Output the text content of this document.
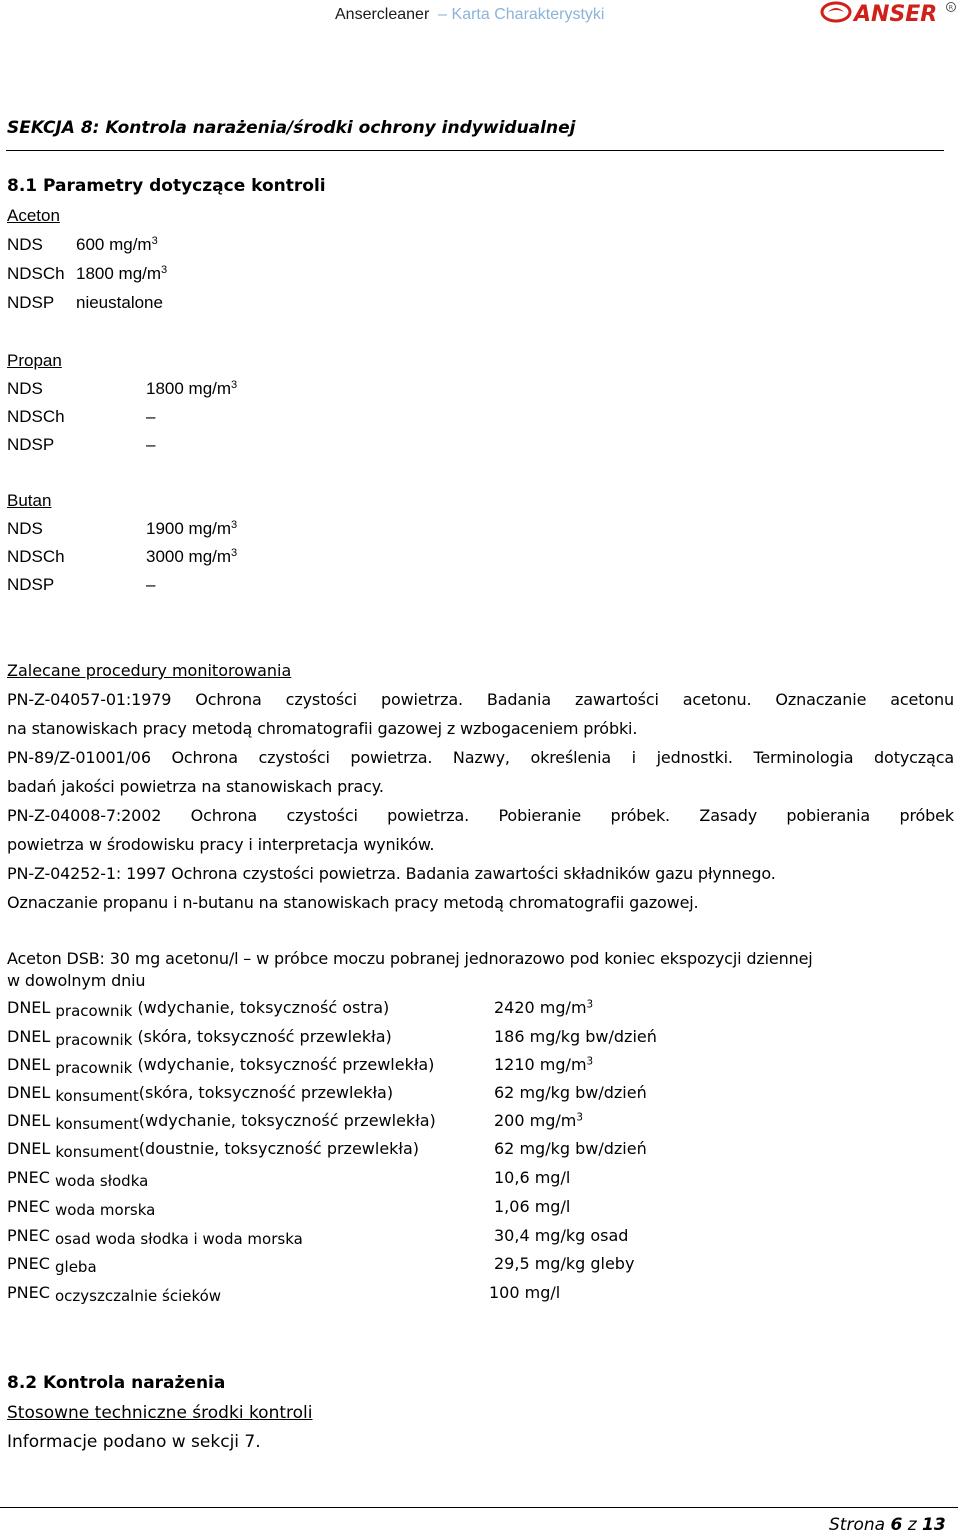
Ansercleaner  – Karta Charakterystyki	ANSER R
SEKCJA 8: Kontrola narażenia/środki ochrony indywidualnej
8.1 Parametry dotyczące kontroli
Aceton
NDS 600 $mg/m^3$
NDSCh 1800 $mg/m^3$
NDSP nieustalone
Propan
NDS	1800 $mg/m^3$
NDSCh	–
NDSP	–
Butan
NDS	1900 $mg/m^3$
NDSCh	3000 $mg/m^3$
NDSP	–
Zalecane procedury monitorowania
PN-Z-04057-01:1979 Ochrona czystości powietrza. Badania zawartości acetonu. Oznaczanie acetonu
na stanowiskach pracy metodą chromatografii gazowej z wzbogaceniem próbki.
PN-89/Z-01001/06 Ochrona czystości powietrza. Nazwy, określenia i jednostki. Terminologia dotycząca
badań jakości powietrza na stanowiskach pracy.
PN-Z-04008-7:2002 Ochrona czystości powietrza. Pobieranie próbek. Zasady pobierania próbek
powietrza w środowisku pracy i interpretacja wyników.
PN-Z-04252-1: 1997 Ochrona czystości powietrza. Badania zawartości składników gazu płynnego.
Oznaczanie propanu i n-butanu na stanowiskach pracy metodą chromatografii gazowej.
Aceton DSB: 30 mg acetonu/l – w próbce moczu pobranej jednorazowo pod koniec ekspozycji dziennej
w dowolnym dniu
DNEL pracownik (wdychanie, toksyczność ostra)	2420 $mg/m^3$
DNEL pracownik (skóra, toksyczność przewlekła)	186 mg/kg bw/dzień
DNEL pracownik (wdychanie, toksyczność przewlekła)	1210 $mg/m^3$
DNEL konsument(skóra, toksyczność przewlekła)	62 mg/kg bw/dzień
DNEL konsument(wdychanie, toksyczność przewlekła)	200 $mg/m^3$
DNEL konsument(doustnie, toksyczność przewlekła)	62 mg/kg bw/dzień
PNEC woda słodka	10,6 mg/l
PNEC woda morska	1,06 mg/l
PNEC osad woda słodka i woda morska	30,4 mg/kg osad
PNEC gleba	29,5 mg/kg gleby
PNEC oczyszczalnie ścieków	100 mg/l
8.2 Kontrola narażenia
Stosowne techniczne środki kontroli
Informacje podano w sekcji 7.
Strona 6 z 13
